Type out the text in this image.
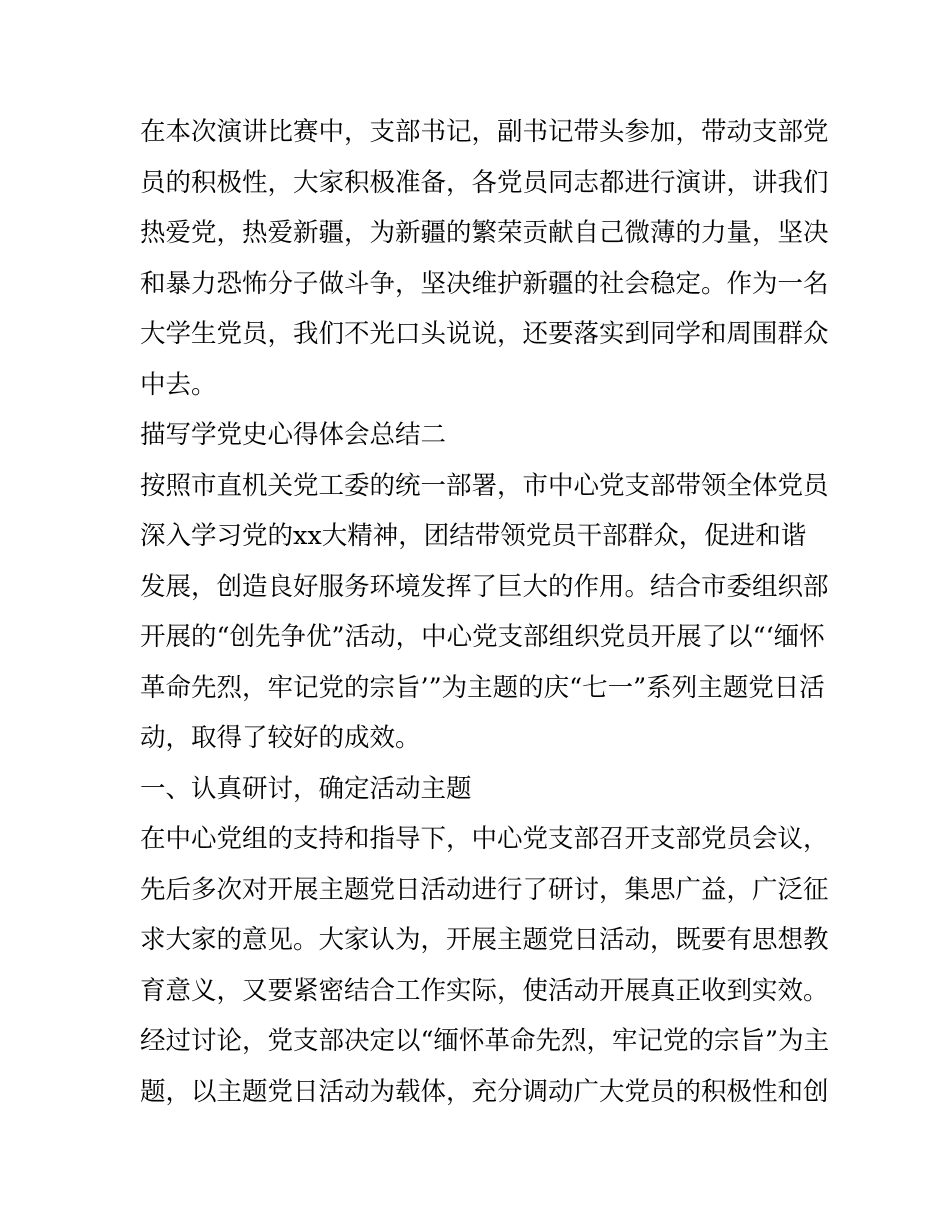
在本次演讲比赛中，支部书记，副书记带头参加，带动支部党
员的积极性，大家积极准备，各党员同志都进行演讲，讲我们
热爱党，热爱新疆，为新疆的繁荣贡献自己微薄的力量，坚决
和暴力恐怖分子做斗争，坚决维护新疆的社会稳定。作为一名
大学生党员，我们不光口头说说，还要落实到同学和周围群众
中去。
描写学党史心得体会总结二
按照市直机关党工委的统一部署，市中心党支部带领全体党员
深入学习党的xx大精神，团结带领党员干部群众，促进和谐
发展，创造良好服务环境发挥了巨大的作用。结合市委组织部
开展的“创先争优”活动，中心党支部组织党员开展了以“‘缅怀
革命先烈，牢记党的宗旨’”为主题的庆“七一”系列主题党日活
动，取得了较好的成效。
一、认真研讨，确定活动主题
在中心党组的支持和指导下，中心党支部召开支部党员会议，
先后多次对开展主题党日活动进行了研讨，集思广益，广泛征
求大家的意见。大家认为，开展主题党日活动，既要有思想教
育意义，又要紧密结合工作实际，使活动开展真正收到实效。
经过讨论，党支部决定以“缅怀革命先烈，牢记党的宗旨”为主
题，以主题党日活动为载体，充分调动广大党员的积极性和创
